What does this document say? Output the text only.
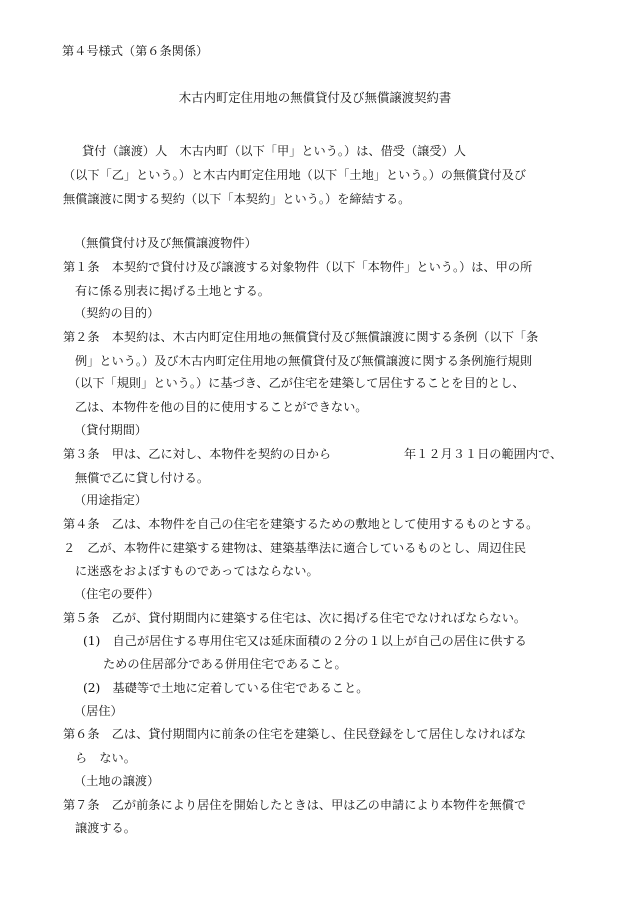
第４号様式（第６条関係）
木古内町定住用地の無償貸付及び無償譲渡契約書
貸付（譲渡）人　木古内町（以下「甲」という。）は、借受（譲受）人
（以下「乙」という。）と木古内町定住用地（以下「土地」という。）の無償貸付及び
無償譲渡に関する契約（以下「本契約」という。）を締結する。
（無償貸付け及び無償譲渡物件）
第１条　本契約で貸付け及び譲渡する対象物件（以下「本物件」という。）は、甲の所
有に係る別表に掲げる土地とする。
（契約の目的）
第２条　本契約は、木古内町定住用地の無償貸付及び無償譲渡に関する条例（以下「条
例」という。）及び木古内町定住用地の無償貸付及び無償譲渡に関する条例施行規則
（以下「規則」という。）に基づき、乙が住宅を建築して居住することを目的とし、
乙は、本物件を他の目的に使用することができない。
（貸付期間）
第３条　甲は、乙に対し、本物件を契約の日から	年１２月３１日の範囲内で、
無償で乙に貸し付ける。
（用途指定）
第４条　乙は、本物件を自己の住宅を建築するための敷地として使用するものとする。
２　乙が、本物件に建築する建物は、建築基準法に適合しているものとし、周辺住民
に迷惑をおよぼすものであってはならない。
（住宅の要件）
第５条　乙が、貸付期間内に建築する住宅は、次に掲げる住宅でなければならない。
(1)　自己が居住する専用住宅又は延床面積の２分の１以上が自己の居住に供する
ための住居部分である併用住宅であること。
(2)　基礎等で土地に定着している住宅であること。
（居住）
第６条　乙は、貸付期間内に前条の住宅を建築し、住民登録をして居住しなければな
ら　ない。
（土地の譲渡）
第７条　乙が前条により居住を開始したときは、甲は乙の申請により本物件を無償で
譲渡する。
